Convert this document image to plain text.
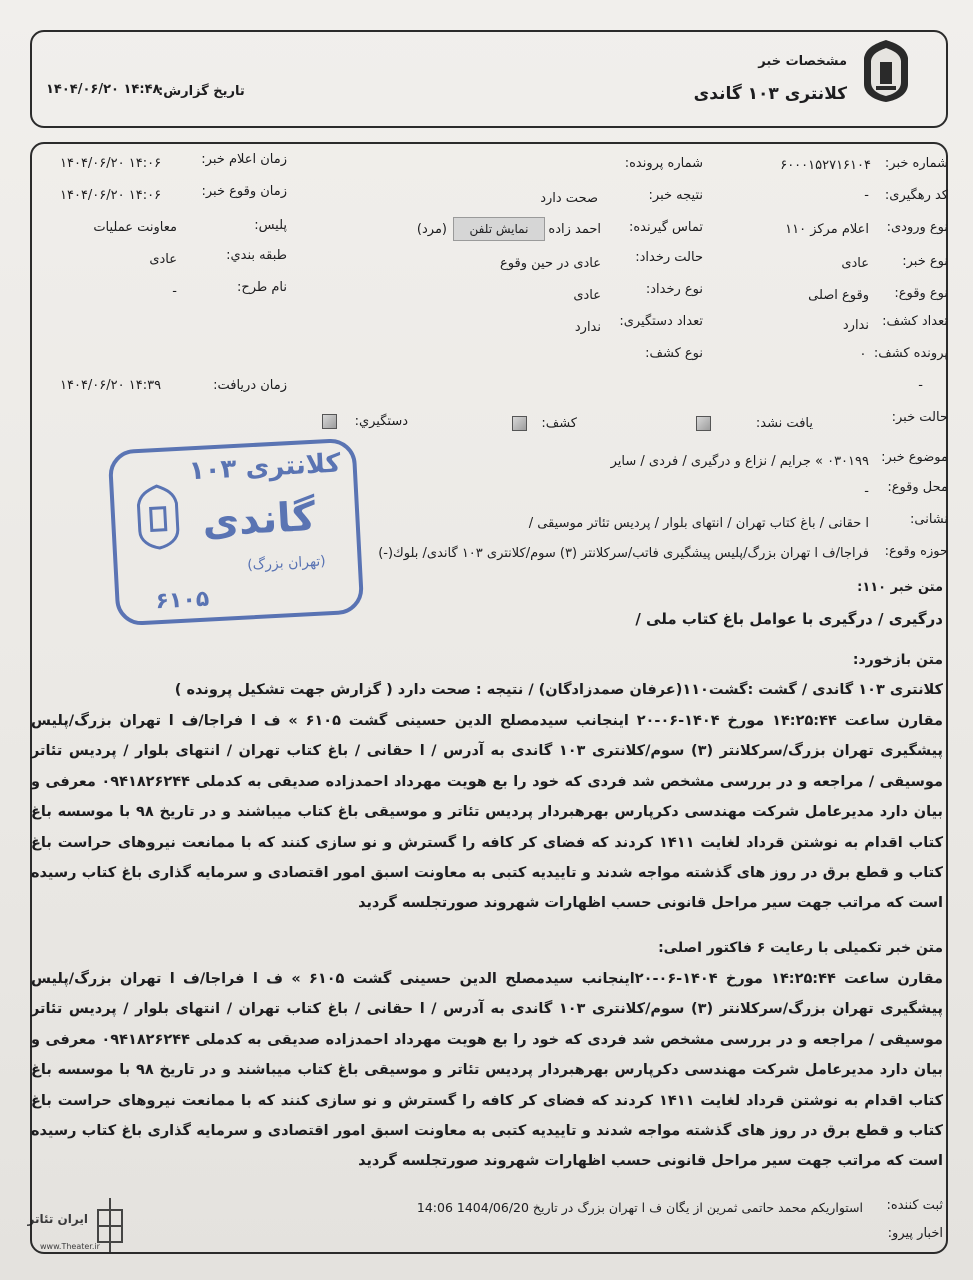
مشخصات خبر
کلانتری ۱۰۳ گاندی
تاریخ گزارش:
۱۴۰۴/۰۶/۲۰ ۱۴:۴۸
شماره خبر:
۶۰۰۰۱۵۲۷۱۶۱۰۴
کد رهگیری:
-
نوع ورودی:
اعلام مرکز ۱۱۰
نوع خبر:
عادی
نوع وقوع:
وقوع اصلی
تعداد کشف:
ندارد
پرونده کشف:
.
-
شماره پرونده:
نتیجه خبر:
صحت دارد
تماس گیرنده:
احمد زاده
نمایش تلفن
(مرد)
حالت رخداد:
عادی در حین وقوع
نوع رخداد:
عادی
تعداد دستگیری:
ندارد
نوع کشف:
زمان اعلام خبر:
۱۴۰۴/۰۶/۲۰ ۱۴:۰۶
زمان وقوع خبر:
۱۴۰۴/۰۶/۲۰ ۱۴:۰۶
پلیس:
معاونت عملیات
طبقه بندي:
عادی
نام طرح:
-
زمان دریافت:
۱۴۰۴/۰۶/۲۰ ۱۴:۳۹
حالت خبر:
یافت نشد:
کشف:
دستگیري:
موضوع خبر:
۰۳۰۱۹۹ » جرایم / نزاع و درگیری / فردی / سایر
محل وقوع:
-
نشانی:
ا حقانی / باغ کتاب تهران / انتهای بلوار / پردیس تئاتر موسیقی /
حوزه وقوع:
فراجا/ف ا تهران بزرگ/پلیس پیشگیری فاتب/سرکلانتر (۳) سوم/کلانتری ۱۰۳ گاندی/ بلوك(-)
متن خبر ۱۱۰:
درگیری / درگیری با عوامل باغ کتاب ملی /
متن بازخورد:
کلانتری ۱۰۳ گاندی / گشت :گشت۱۱۰(عرفان صمدزادگان) / نتیجه : صحت دارد ( گزارش جهت تشکیل پرونده )
مقارن ساعت ۱۴:۲۵:۴۴ مورخ ۱۴۰۴-۰۶-۲۰ اینجانب سیدمصلح الدین حسینی گشت ۶۱۰۵ » ف ا فراجا/ف ا تهران بزرگ/پلیس پیشگیری تهران بزرگ/سرکلانتر (۳) سوم/کلانتری ۱۰۳ گاندی به آدرس / ا حقانی / باغ کتاب تهران / انتهای بلوار / پردیس تئاتر موسیقی / مراجعه و در بررسی مشخص شد فردی که خود را بع هویت مهرداد احمدزاده صدیقی به کدملی ۰۹۴۱۸۲۶۲۴۴ معرفی و بیان دارد مدیرعامل شرکت مهندسی دکرپارس بهرهبردار پردیس تئاتر و موسیقی باغ کتاب میباشند و در تاریخ ۹۸ با موسسه باغ کتاب اقدام به نوشتن قرداد لغایت ۱۴۱۱ کردند که فضای کر کافه را گسترش و نو سازی کنند که با ممانعت نیروهای حراست باغ کتاب و قطع برق در روز های گذشته مواجه شدند و تاییدیه کتبی به معاونت اسبق امور اقتصادی و سرمایه گذاری باغ کتاب رسیده است که مراتب جهت سیر مراحل قانونی حسب اظهارات شهروند صورتجلسه گردید
متن خبر تکمیلی با رعایت ۶ فاکتور اصلی:
مقارن ساعت ۱۴:۲۵:۴۴ مورخ ۱۴۰۴-۰۶-۲۰اینجانب سیدمصلح الدین حسینی گشت ۶۱۰۵ » ف ا فراجا/ف ا تهران بزرگ/پلیس پیشگیری تهران بزرگ/سرکلانتر (۳) سوم/کلانتری ۱۰۳ گاندی به آدرس / ا حقانی / باغ کتاب تهران / انتهای بلوار / پردیس تئاتر موسیقی / مراجعه و در بررسی مشخص شد فردی که خود را بع هویت مهرداد احمدزاده صدیقی به کدملی ۰۹۴۱۸۲۶۲۴۴ معرفی و بیان دارد مدیرعامل شرکت مهندسی دکرپارس بهرهبردار پردیس تئاتر و موسیقی باغ کتاب میباشند و در تاریخ ۹۸ با موسسه باغ کتاب اقدام به نوشتن قرداد لغایت ۱۴۱۱ کردند که فضای کر کافه را گسترش و نو سازی کنند که با ممانعت نیروهای حراست باغ کتاب و قطع برق در روز های گذشته مواجه شدند و تاییدیه کتبی به معاونت اسبق امور اقتصادی و سرمایه گذاری باغ کتاب رسیده است که مراتب جهت سیر مراحل قانونی حسب اظهارات شهروند صورتجلسه گردید
ثبت کننده:
استواریکم محمد حاتمی ثمرین از یگان ف ا تهران بزرگ در تاریخ 1404/06/20 14:06
اخبار پیرو:
کلانتری ۱۰۳
گاندی
(تهران بزرگ)
۶۱۰۵
ایران تئاتر
www.Theater.ir
